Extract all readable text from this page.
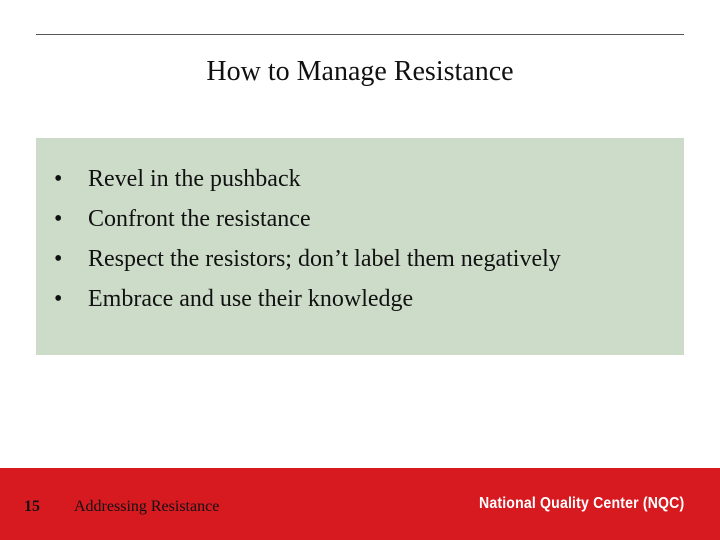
How to Manage Resistance
• Revel in the pushback
• Confront the resistance
• Respect the resistors; don’t label them negatively
• Embrace and use their knowledge
15 Addressing Resistance	National Quality Center (NQC)
